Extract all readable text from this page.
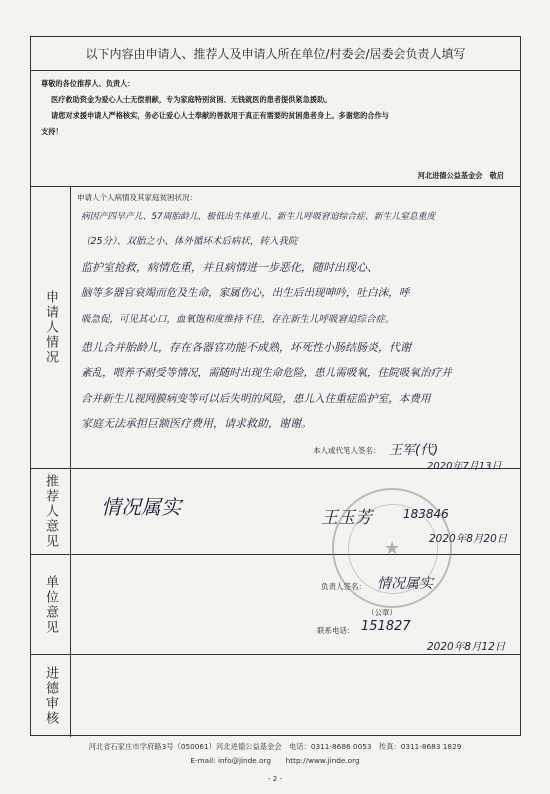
以下内容由申请人、推荐人及申请人所在单位/村委会/居委会负责人填写

尊敬的各位推荐人、负责人：

医疗救助资金为爱心人士无偿捐献，专为家庭特别贫困、无钱就医的患者提供紧急援助。

请您对求援申请人严格核实，务必让爱心人士奉献的善款用于真正有需要的贫困患者身上。多谢您的合作与

支持！

河北进德公益基金会　敬启

申请人情况
申请人个人病情及其家庭贫困状况：
病因产四早产儿、57周胎龄儿，极低出生体重儿、新生儿呼吸窘迫综合症、新生儿窒息重度
（25分）、双胎之小、体外循环术后病状，转入我院
监护室抢救，病情危重，并且病情进一步恶化，随时出现心、
脑等多器官衰竭而危及生命，家属伤心，出生后出现呻吟，吐白沫，呼
吸急促，可见其心口，血氧饱和度维持不佳，存在新生儿呼吸窘迫综合症。
患儿合并胎龄儿，存在各器官功能不成熟，坏死性小肠结肠炎，代谢
紊乱，喂养不耐受等情况，需随时出现生命危险，患儿需吸氧，住院吸氧治疗并
合并新生儿视网膜病变等可以后失明的风险，患儿入住重症监护室，本费用
家庭无法承担巨额医疗费用，请求救助，谢谢。
本人或代笔人签名： 王军(代)
2020年7月13日
推荐人意见 情况属实	王玉芳	183846
2020年8月20日
单位意见	负责人签名： 情况属实
（公章）
联系电话： 151827
2020年8月12日
进德审核
★
河北省石家庄市学府路3号（050061）河北进德公益基金会　电话：0311-8686 0053　传真：0311-8683 1829
E-mail: info@jinde.org　　http://www.jinde.org
- 2 -
